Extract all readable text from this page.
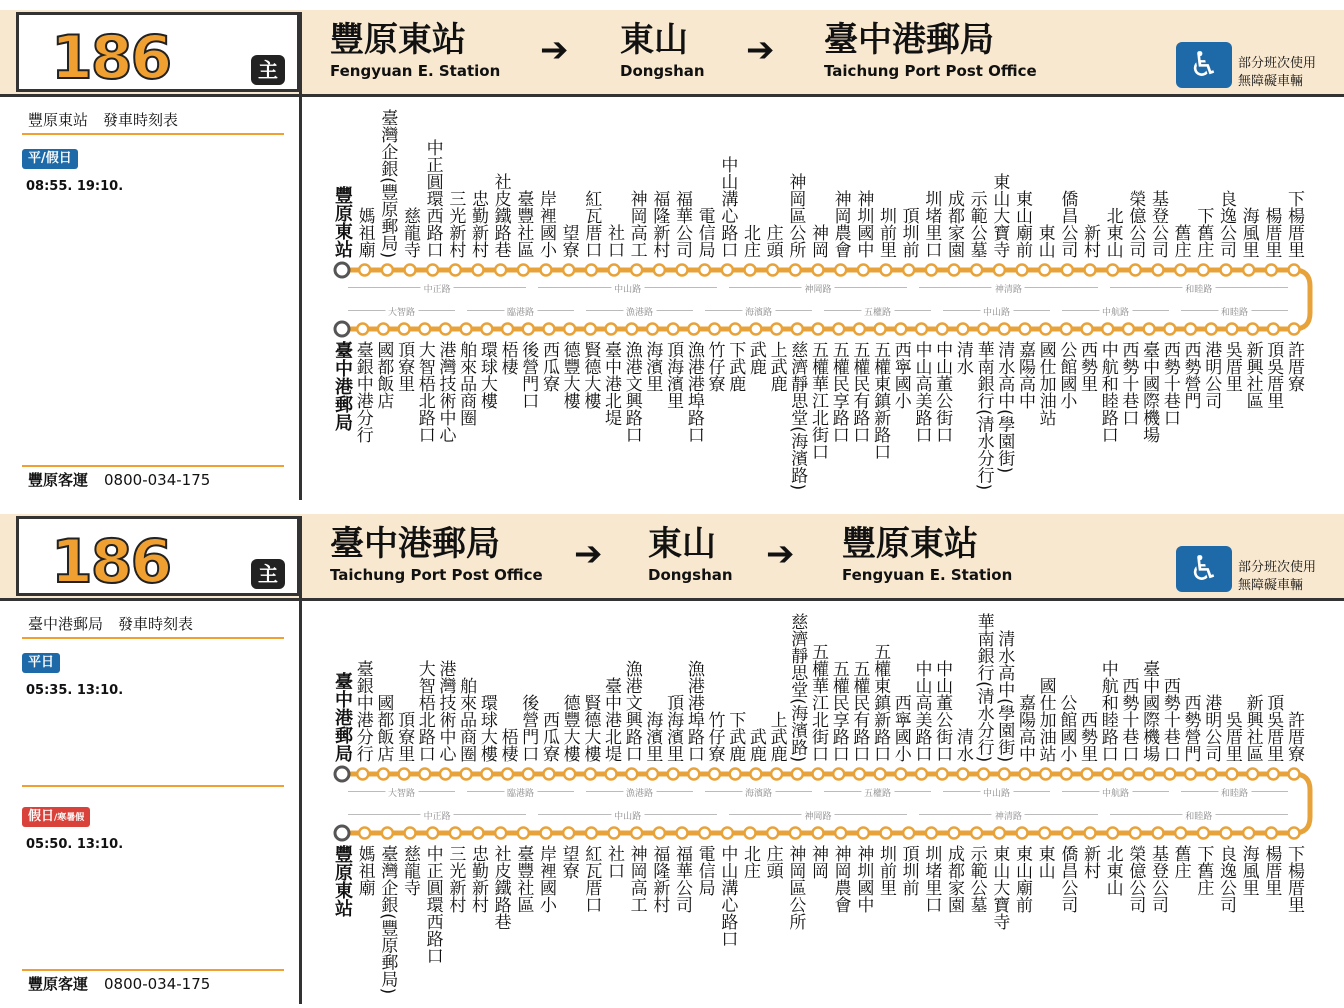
186	主
豐原東站
Fengyuan E. Station
➔ 東山
Dongshan
➔ 臺中港郵局
Taichung Port Post Office	♿	部分班次使用
無障礙車輛
豐原東站　發車時刻表
平/假日
08:55. 19:10.
豐原客運 0800-034-175
豐原東站 媽祖廟 臺灣企銀(豐原郵局) 慈龍寺 中正圓環西路口 三光新村 忠勤新村 社皮鐵路巷 臺豐社區 岸裡國小 望寮 紅瓦厝口 社口 神岡高工 福隆新村 福華公司 電信局 中山溝心路口 北庄 庄頭 神岡區公所 神岡 神岡農會 神圳國中 圳前里 頂圳前 圳堵里口 成都家園 示範公墓 東山大寶寺 東山廟前 東山 僑昌公司 新村 北東山 榮億公司 基登公司 舊庄 下舊庄 良逸公司 海風里 楊厝里 下楊厝里
臺中港郵局 臺銀中港分行 國都飯店 頂寮里 大智梧北路口 港灣技術中心 舶來品商圈 環球大樓 梧棲 後營門口 西瓜寮 德豐大樓 賢德大樓 臺中港北堤 漁港文興路口 海濱里 頂海濱里 漁港港埠路口 竹仔寮 下武鹿 武鹿 上武鹿 慈濟靜思堂(海濱路) 五權華江北街口 五權民享路口 五權民有路口 五權東鎮新路口 西寧國小 中山高美路口 中山董公街口 清水 華南銀行(清水分行) 清水高中(學園街) 嘉陽高中 國仕加油站 公館國小 西勢里 中航和睦路口 西勢十巷口 臺中國際機場 西勢十巷口 西勢營門 港明公司 吳厝里 新興社區 頂吳厝里 許厝寮
中正路	中山路	神岡路	神清路	和睦路
大智路	臨港路	漁港路	海濱路	五權路	中山路	中航路	和睦路
186	主
臺中港郵局
Taichung Port Post Office
➔ 東山
Dongshan
➔ 豐原東站
Fengyuan E. Station	♿	部分班次使用
無障礙車輛
臺中港郵局　發車時刻表
平日
05:35. 13:10.
假日/寒暑假
05:50. 13:10.
豐原客運 0800-034-175
臺中港郵局 臺銀中港分行 國都飯店 頂寮里 大智梧北路口 港灣技術中心 舶來品商圈 環球大樓 梧棲 後營門口 西瓜寮 德豐大樓 賢德大樓 臺中港北堤 漁港文興路口 海濱里 頂海濱里 漁港港埠路口 竹仔寮 下武鹿 武鹿 上武鹿 慈濟靜思堂(海濱路) 五權華江北街口 五權民享路口 五權民有路口 五權東鎮新路口 西寧國小 中山高美路口 中山董公街口 清水 華南銀行(清水分行) 清水高中(學園街) 嘉陽高中 國仕加油站 公館國小 西勢里 中航和睦路口 西勢十巷口 臺中國際機場 西勢十巷口 西勢營門 港明公司 吳厝里 新興社區 頂吳厝里 許厝寮
豐原東站 媽祖廟 臺灣企銀(豐原郵局) 慈龍寺 中正圓環西路口 三光新村 忠勤新村 社皮鐵路巷 臺豐社區 岸裡國小 望寮 紅瓦厝口 社口 神岡高工 福隆新村 福華公司 電信局 中山溝心路口 北庄 庄頭 神岡區公所 神岡 神岡農會 神圳國中 圳前里 頂圳前 圳堵里口 成都家園 示範公墓 東山大寶寺 東山廟前 東山 僑昌公司 新村 北東山 榮億公司 基登公司 舊庄 下舊庄 良逸公司 海風里 楊厝里 下楊厝里
大智路	臨港路	漁港路	海濱路	五權路	中山路	中航路	和睦路
中正路	中山路	神岡路	神清路	和睦路
